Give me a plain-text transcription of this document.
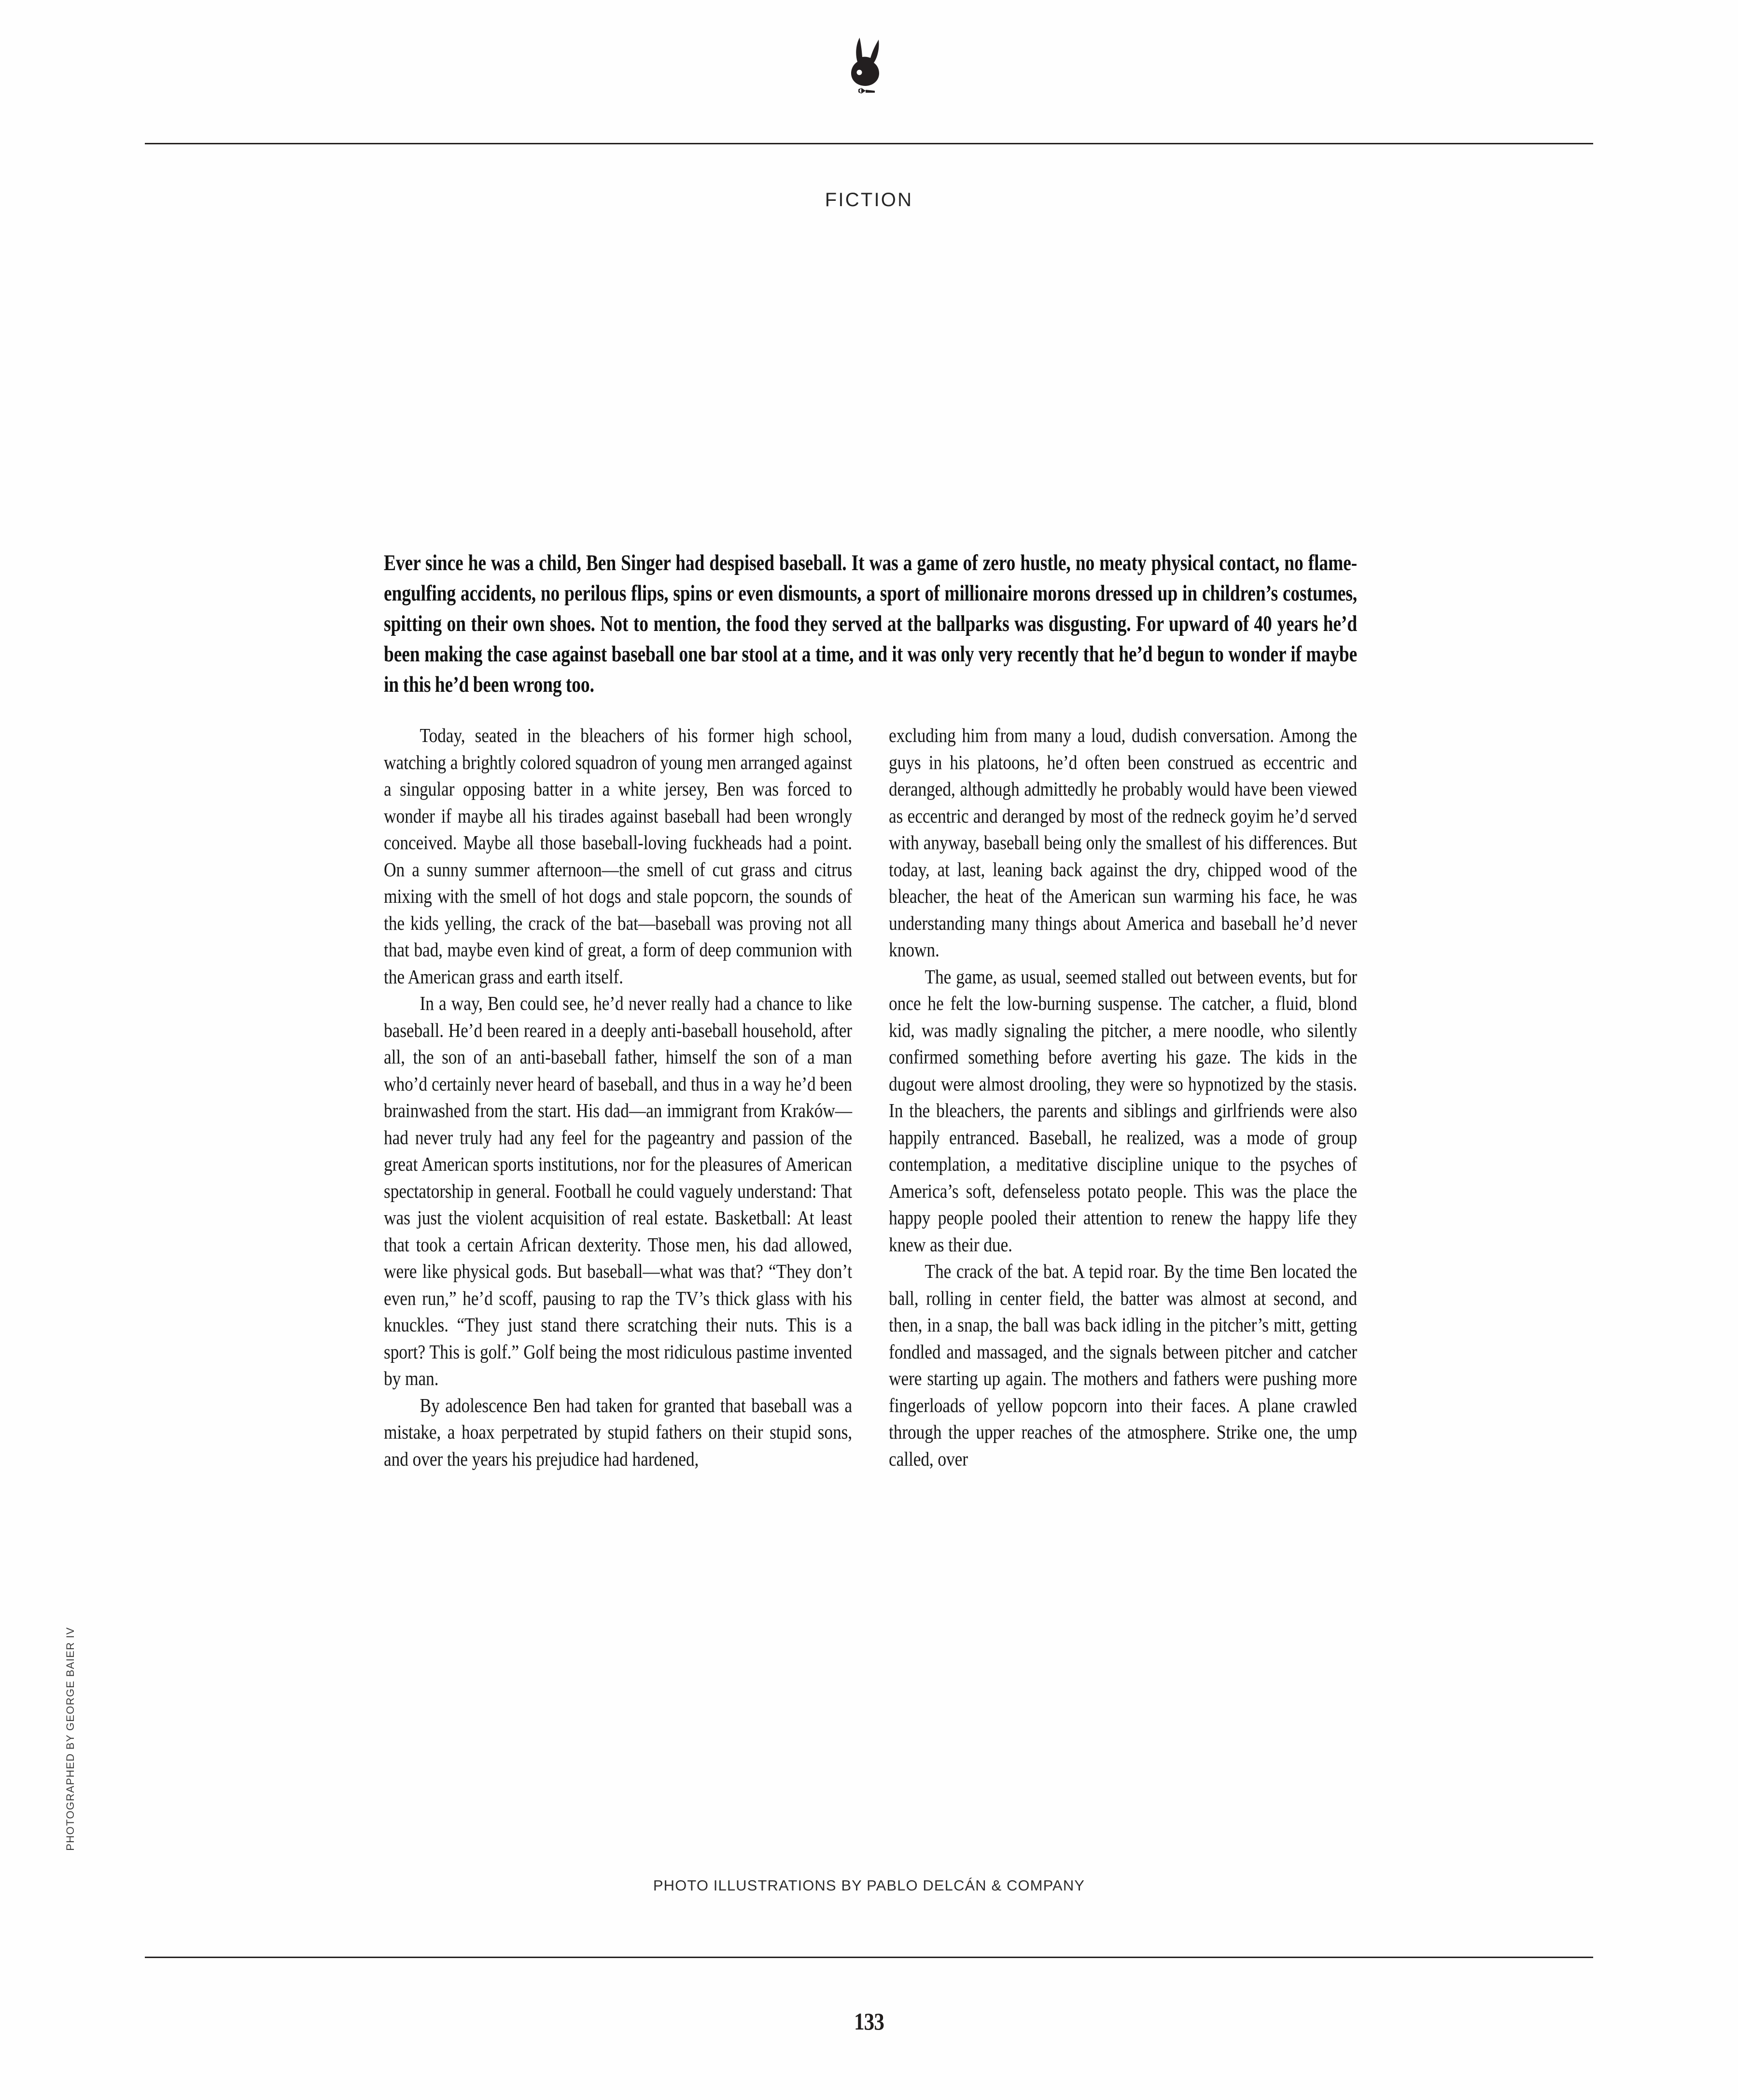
FICTION

Ever since he was a child, Ben Singer had despised baseball. It was a game of zero hustle, no meaty physical contact, no flame-engulfing accidents, no perilous flips, spins or even dismounts, a sport of millionaire morons dressed up in children’s costumes, spitting on their own shoes. Not to mention, the food they served at the ballparks was disgusting. For upward of 40 years he’d been making the case against baseball one bar stool at a time, and it was only very recently that he’d begun to wonder if maybe in this he’d been wrong too.

Today, seated in the bleachers of his former high school, watching a brightly colored squadron of young men arranged against a singular opposing batter in a white jersey, Ben was forced to wonder if maybe all his tirades against baseball had been wrongly conceived. Maybe all those baseball-loving fuckheads had a point. On a sunny summer afternoon—the smell of cut grass and citrus mixing with the smell of hot dogs and stale popcorn, the sounds of the kids yelling, the crack of the bat—baseball was proving not all that bad, maybe even kind of great, a form of deep communion with the American grass and earth itself.

In a way, Ben could see, he’d never really had a chance to like baseball. He’d been reared in a deeply anti-baseball household, after all, the son of an anti-baseball father, himself the son of a man who’d certainly never heard of baseball, and thus in a way he’d been brainwashed from the start. His dad—an immigrant from Kraków—had never truly had any feel for the pageantry and passion of the great American sports institutions, nor for the pleasures of American spectatorship in general. Football he could vaguely understand: That was just the violent acquisition of real estate. Basketball: At least that took a certain African dexterity. Those men, his dad allowed, were like physical gods. But baseball—what was that? “They don’t even run,” he’d scoff, pausing to rap the TV’s thick glass with his knuckles. “They just stand there scratching their nuts. This is a sport? This is golf.” Golf being the most ridiculous pastime invented by man.

By adolescence Ben had taken for granted that baseball was a mistake, a hoax perpetrated by stupid fathers on their stupid sons, and over the years his prejudice had hardened,

excluding him from many a loud, dudish conversation. Among the guys in his platoons, he’d often been construed as eccentric and deranged, although admittedly he probably would have been viewed as eccentric and deranged by most of the redneck goyim he’d served with anyway, baseball being only the smallest of his differences. But today, at last, leaning back against the dry, chipped wood of the bleacher, the heat of the American sun warming his face, he was understanding many things about America and baseball he’d never known.

The game, as usual, seemed stalled out between events, but for once he felt the low-burning suspense. The catcher, a fluid, blond kid, was madly signaling the pitcher, a mere noodle, who silently confirmed something before averting his gaze. The kids in the dugout were almost drooling, they were so hypnotized by the stasis. In the bleachers, the parents and siblings and girlfriends were also happily entranced. Baseball, he realized, was a mode of group contemplation, a meditative discipline unique to the psyches of America’s soft, defenseless potato people. This was the place the happy people pooled their attention to renew the happy life they knew as their due.

The crack of the bat. A tepid roar. By the time Ben located the ball, rolling in center field, the batter was almost at second, and then, in a snap, the ball was back idling in the pitcher’s mitt, getting fondled and massaged, and the signals between pitcher and catcher were starting up again. The mothers and fathers were pushing more fingerloads of yellow popcorn into their faces. A plane crawled through the upper reaches of the atmosphere. Strike one, the ump called, over

PHOTO ILLUSTRATIONS BY PABLO DELCÁN & COMPANY
PHOTOGRAPHED BY GEORGE BAIER IV
133
